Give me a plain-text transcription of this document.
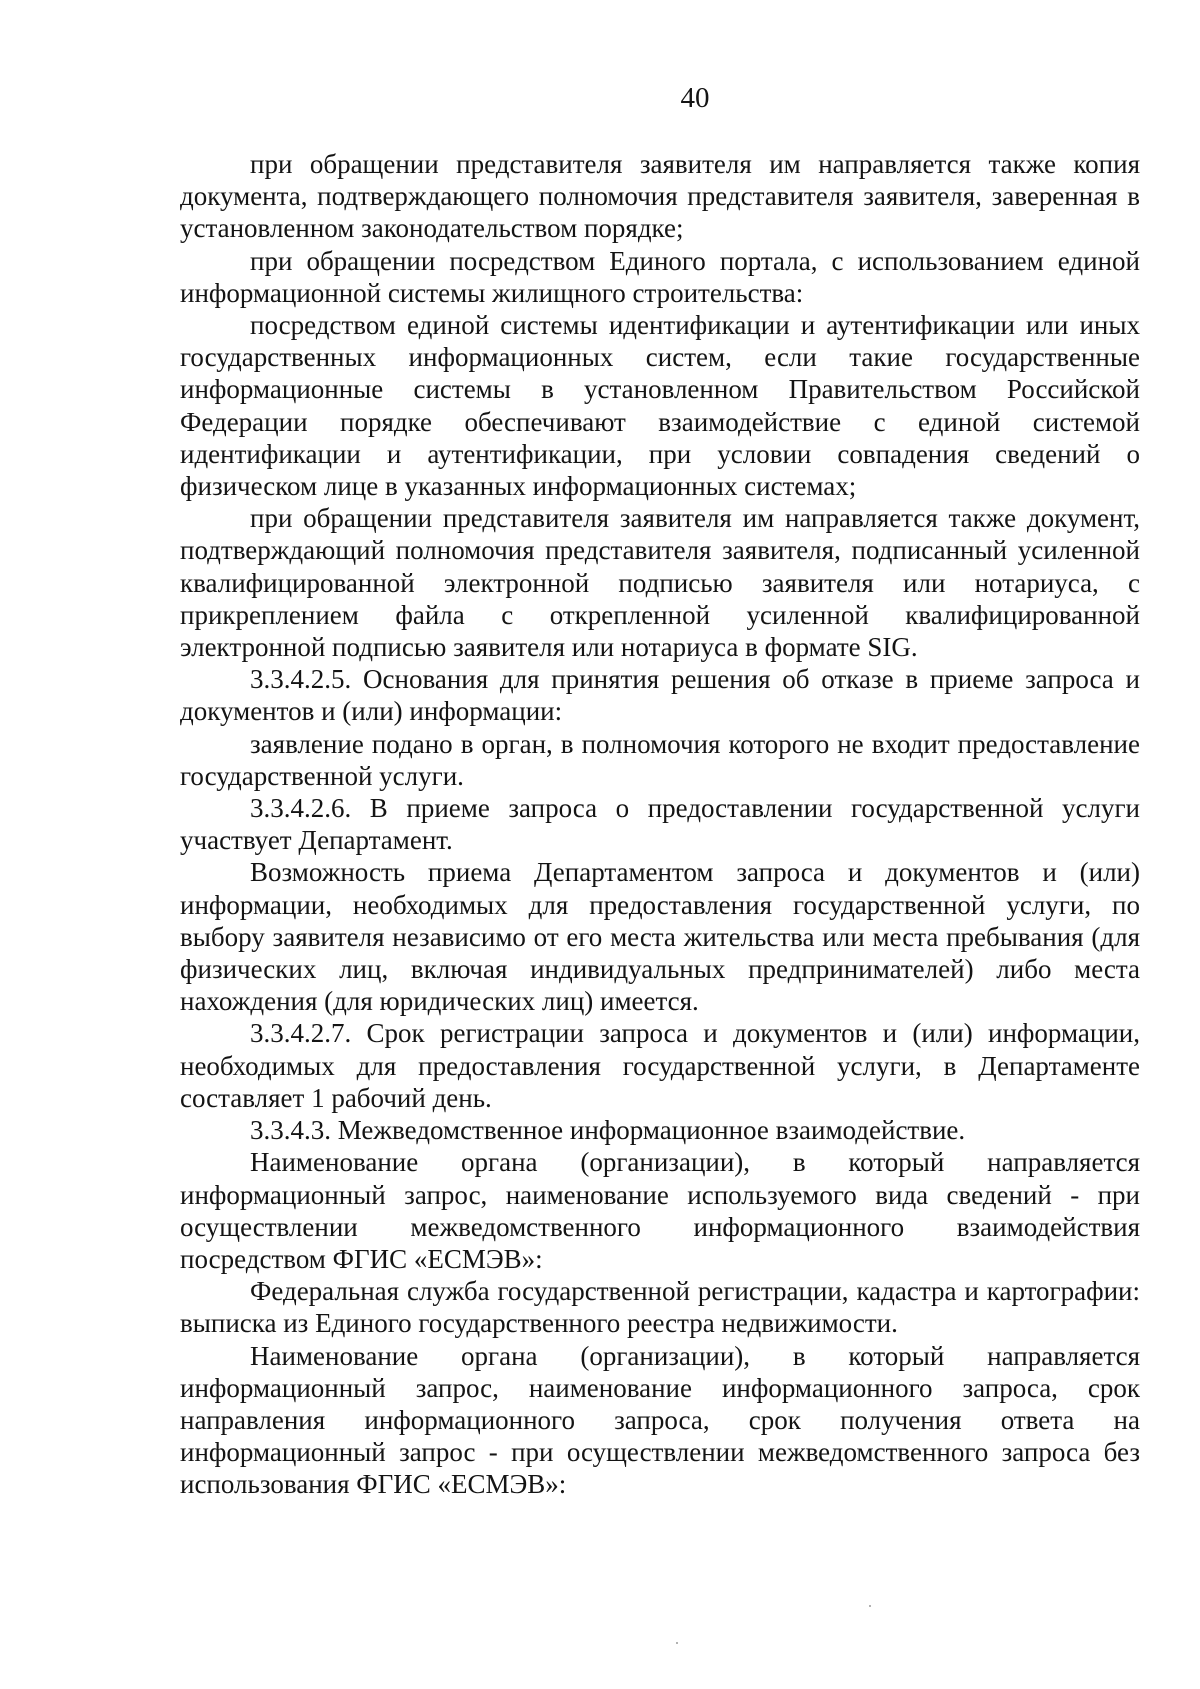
40

при обращении представителя заявителя им направляется также копия документа, подтверждающего полномочия представителя заявителя, заверенная в установленном законодательством порядке;

при обращении посредством Единого портала, с использованием единой информационной системы жилищного строительства:

посредством единой системы идентификации и аутентификации или иных государственных информационных систем, если такие государственные информационные системы в установленном Правительством Российской Федерации порядке обеспечивают взаимодействие с единой системой идентификации и аутентификации, при условии совпадения сведений о физическом лице в указанных информационных системах;

при обращении представителя заявителя им направляется также документ, подтверждающий полномочия представителя заявителя, подписанный усиленной квалифицированной электронной подписью заявителя или нотариуса, с прикреплением файла с открепленной усиленной квалифицированной электронной подписью заявителя или нотариуса в формате SIG.

3.3.4.2.5. Основания для принятия решения об отказе в приеме запроса и документов и (или) информации:

заявление подано в орган, в полномочия которого не входит предоставление государственной услуги.

3.3.4.2.6. В приеме запроса о предоставлении государственной услуги участвует Департамент.

Возможность приема Департаментом запроса и документов и (или) информации, необходимых для предоставления государственной услуги, по выбору заявителя независимо от его места жительства или места пребывания (для физических лиц, включая индивидуальных предпринимателей) либо места нахождения (для юридических лиц) имеется.

3.3.4.2.7. Срок регистрации запроса и документов и (или) информации, необходимых для предоставления государственной услуги, в Департаменте составляет 1 рабочий день.

3.3.4.3. Межведомственное информационное взаимодействие.

Наименование органа (организации), в который направляется информационный запрос, наименование используемого вида сведений - при осуществлении межведомственного информационного взаимодействия посредством ФГИС «ЕСМЭВ»:

Федеральная служба государственной регистрации, кадастра и картографии: выписка из Единого государственного реестра недвижимости.

Наименование органа (организации), в который направляется информационный запрос, наименование информационного запроса, срок направления информационного запроса, срок получения ответа на информационный запрос - при осуществлении межведомственного запроса без использования ФГИС «ЕСМЭВ»:
